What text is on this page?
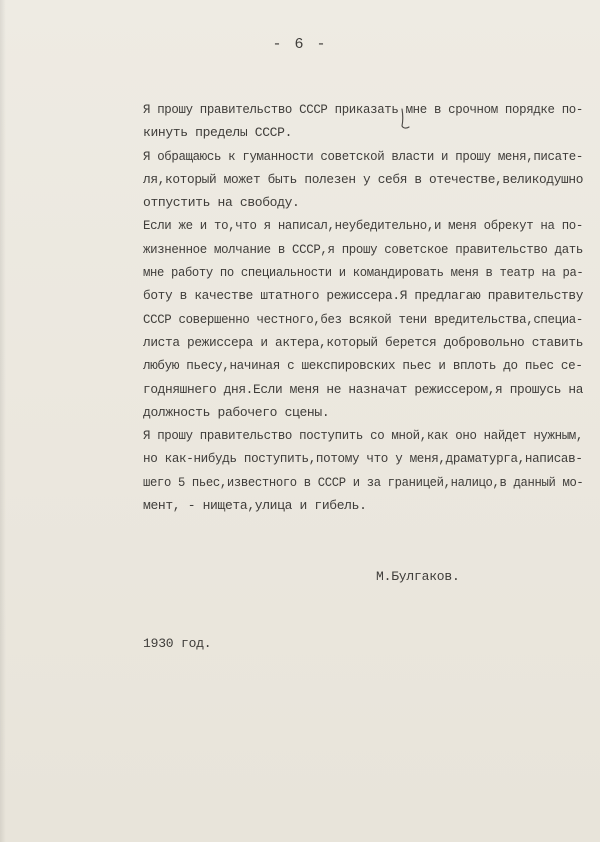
- 6 -
Я прошу правительство СССР приказать мне в срочном порядке по-
кинуть пределы СССР.
Я обращаюсь к гуманности советской власти и прошу меня,писате-
ля,который может быть полезен у себя в отечестве,великодушно
отпустить на свободу.
Если же и то,что я написал,неубедительно,и меня обрекут на по-
жизненное молчание в СССР,я прошу советское правительство дать
мне работу по специальности и командировать меня в театр на ра-
боту в качестве штатного режиссера.Я предлагаю правительству
СССР совершенно честного,без всякой тени вредительства,специа-
листа режиссера и актера,который берется добровольно ставить
любую пьесу,начиная с шекспировских пьес и вплоть до пьес се-
годняшнего дня.Если меня не назначат режиссером,я прошусь на
должность рабочего сцены.
Я прошу правительство поступить со мной,как оно найдет нужным,
но как-нибудь поступить,потому что у меня,драматурга,написав-
шего 5 пьес,известного в СССР и за границей,налицо,в данный мо-
мент, - нищета,улица и гибель.
М.Булгаков.
1930 год.
